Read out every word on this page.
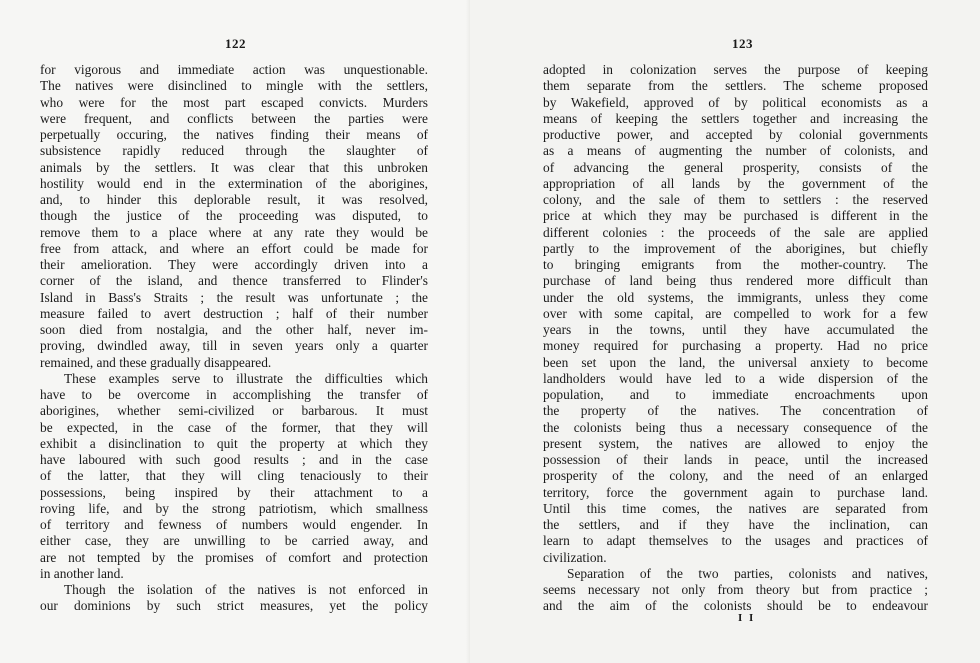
122
for vigorous and immediate action was unquestionable.
The natives were disinclined to mingle with the settlers,
who were for the most part escaped convicts. Murders
were frequent, and conflicts between the parties were
perpetually occuring, the natives finding their means of
subsistence rapidly reduced through the slaughter of
animals by the settlers. It was clear that this unbroken
hostility would end in the extermination of the aborigines,
and, to hinder this deplorable result, it was resolved,
though the justice of the proceeding was disputed, to
remove them to a place where at any rate they would be
free from attack, and where an effort could be made for
their amelioration. They were accordingly driven into a
corner of the island, and thence transferred to Flinder's
Island in Bass's Straits ; the result was unfortunate ; the
measure failed to avert destruction ; half of their number
soon died from nostalgia, and the other half, never im-
proving, dwindled away, till in seven years only a quarter
remained, and these gradually disappeared.
These examples serve to illustrate the difficulties which
have to be overcome in accomplishing the transfer of
aborigines, whether semi-civilized or barbarous. It must
be expected, in the case of the former, that they will
exhibit a disinclination to quit the property at which they
have laboured with such good results ; and in the case
of the latter, that they will cling tenaciously to their
possessions, being inspired by their attachment to a
roving life, and by the strong patriotism, which smallness
of territory and fewness of numbers would engender. In
either case, they are unwilling to be carried away, and
are not tempted by the promises of comfort and protection
in another land.
Though the isolation of the natives is not enforced in
our dominions by such strict measures, yet the policy
123
adopted in colonization serves the purpose of keeping
them separate from the settlers. The scheme proposed
by Wakefield, approved of by political economists as a
means of keeping the settlers together and increasing the
productive power, and accepted by colonial governments
as a means of augmenting the number of colonists, and
of advancing the general prosperity, consists of the
appropriation of all lands by the government of the
colony, and the sale of them to settlers : the reserved
price at which they may be purchased is different in the
different colonies : the proceeds of the sale are applied
partly to the improvement of the aborigines, but chiefly
to bringing emigrants from the mother-country. The
purchase of land being thus rendered more difficult than
under the old systems, the immigrants, unless they come
over with some capital, are compelled to work for a few
years in the towns, until they have accumulated the
money required for purchasing a property. Had no price
been set upon the land, the universal anxiety to become
landholders would have led to a wide dispersion of the
population, and to immediate encroachments upon
the property of the natives. The concentration of
the colonists being thus a necessary consequence of the
present system, the natives are allowed to enjoy the
possession of their lands in peace, until the increased
prosperity of the colony, and the need of an enlarged
territory, force the government again to purchase land.
Until this time comes, the natives are separated from
the settlers, and if they have the inclination, can
learn to adapt themselves to the usages and practices of
civilization.
Separation of the two parties, colonists and natives,
seems necessary not only from theory but from practice ;
and the aim of the colonists should be to endeavour
I I
